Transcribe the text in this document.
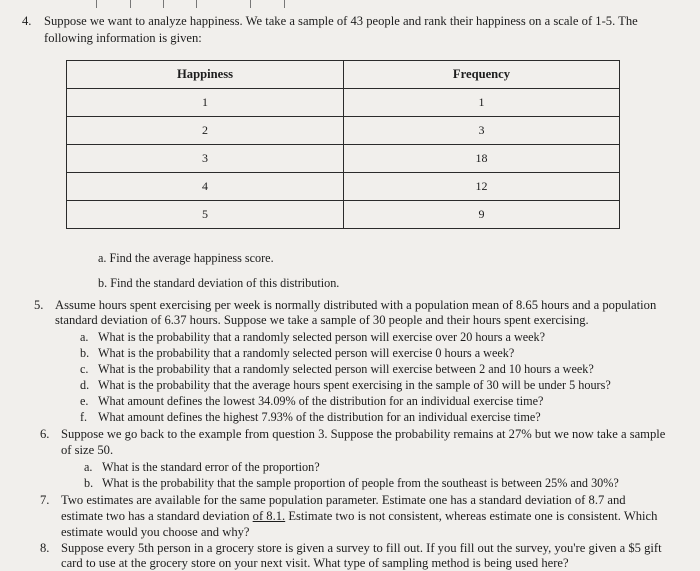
4. Suppose we want to analyze happiness. We take a sample of 43 people and rank their happiness on a scale of 1-5. The
following information is given:
Happiness	Frequency
1	1
2	3
3	18
4	12
5	9
a. Find the average happiness score.
b. Find the standard deviation of this distribution.
5. Assume hours spent exercising per week is normally distributed with a population mean of 8.65 hours and a population
standard deviation of 6.37 hours. Suppose we take a sample of 30 people and their hours spent exercising.
a. What is the probability that a randomly selected person will exercise over 20 hours a week?
b. What is the probability that a randomly selected person will exercise 0 hours a week?
c. What is the probability that a randomly selected person will exercise between 2 and 10 hours a week?
d. What is the probability that the average hours spent exercising in the sample of 30 will be under 5 hours?
e. What amount defines the lowest 34.09% of the distribution for an individual exercise time?
f. What amount defines the highest 7.93% of the distribution for an individual exercise time?
6. Suppose we go back to the example from question 3. Suppose the probability remains at 27% but we now take a sample
of size 50.
a. What is the standard error of the proportion?
b. What is the probability that the sample proportion of people from the southeast is between 25% and 30%?
7. Two estimates are available for the same population parameter. Estimate one has a standard deviation of 8.7 and
estimate two has a standard deviation of 8.1. Estimate two is not consistent, whereas estimate one is consistent. Which
estimate would you choose and why?
8. Suppose every 5th person in a grocery store is given a survey to fill out. If you fill out the survey, you're given a $5 gift
card to use at the grocery store on your next visit. What type of sampling method is being used here?
